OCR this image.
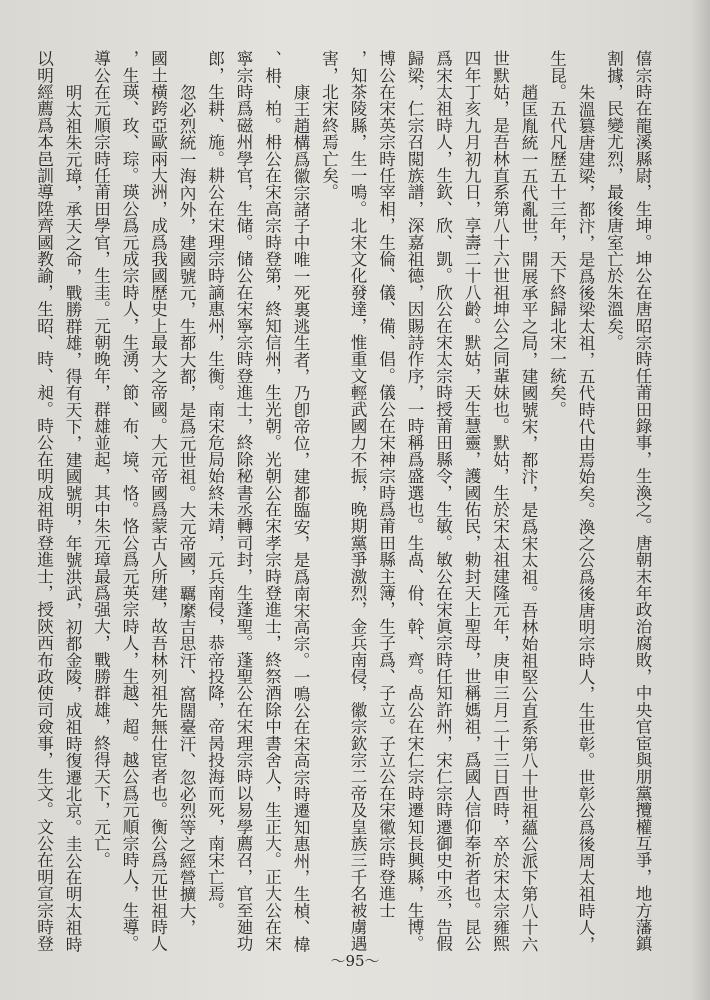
僖宗時在龍溪縣尉，生坤。坤公在唐昭宗時任莆田錄事，生渙之。唐朝末年政治腐敗，中央官宦與朋黨攬權互爭，地方藩鎮
割據，民變尤烈，最後唐室亡於朱溫矣。
朱溫篡唐建梁，都汴，是爲後梁太祖，五代時代由焉始矣。渙之公爲後唐明宗時人，生世彰。世彰公爲後周太祖時人，
生昆。五代凡歷五十三年，天下終歸北宋一統矣。
趙匡胤統一五代亂世，開展承平之局，建國號宋，都汴，是爲宋太祖。吾林始祖堅公直系第八十世祖蘊公派下第八十六
世默姑，是吾林直系第八十六世祖坤公之同輩妹也。默姑，生於宋太祖建隆元年，庚申三月二十三日酉時，卒於宋太宗雍熙
四年丁亥九月初九日，享壽二十八齡。默姑，天生慧靈，護國佑民，勅封天上聖母，世稱媽祖，爲國人信仰奉祈者也。昆公
爲宋太祖時人，生欽、欣、凱。欣公在宋太宗時授莆田縣令，生敏。敏公在宋眞宗時任知許州，宋仁宗時遷御史中丞，告假
歸梁，仁宗召閲族譜，深嘉祖德，因賜詩作序，一時稱爲盛選也。生卨、佾、幹、齊。卨公在宋仁宗時遷知長興縣，生博。
博公在宋英宗時任宰相，生倫、儀、備、倡。儀公在宋神宗時爲莆田縣主簿，生子爲、子立。子立公在宋徽宗時登進士
，知茶陵縣，生一鳴。北宋文化發達，惟重文輕武國力不振，晚期黨爭激烈，金兵南侵，徽宗欽宗二帝及皇族三千名被虜遇
害，北宋終焉亡矣。
康王趙構爲徽宗諸子中唯一死裏逃生者，乃卽帝位，建都臨安，是爲南宋高宗。一鳴公在宋高宗時遷知惠州，生楨、椲
、枏、柏。枏公在宋高宗時登第，終知信州，生光朝。光朝公在宋孝宗時登進士，終祭酒除中書舍人，生正大。正大公在宋
寧宗時爲磁州學官，生储。储公在宋寧宗時登進士，終除秘書丞轉司封，生蓬聖。蓬聖公在宋理宗時以易學薦召，官至廸功
郎，生耕、施。耕公在宋理宗時謫惠州，生衡。南宋危局始終未靖，元兵南侵，恭帝投降，帝昺投海而死，南宋亡焉。
忽必烈統一海內外，建國號元，生都大都，是爲元世祖。大元帝國，覊縻吉思汗、窩闊臺汗、忽必烈等之經營擴大，
國土橫跨亞歐兩大洲，成爲我國歷史上最大之帝國。大元帝國爲蒙古人所建，故吾林列祖先無仕宦者也。衡公爲元世祖時人
，生瑛、玫、琮。瑛公爲元成宗時人，生湧、節、布、境、恪。恪公爲元英宗時人，生越、超。越公爲元順宗時人，生導。
導公在元順宗時任莆田學官，生圭。元朝晚年，群雄並起，其中朱元璋最爲强大，戰勝群雄，終得天下，元亡。
明太祖朱元璋，承天之命，戰勝群雄，得有天下，建國號明，年號洪武，初都金陵，成祖時復遷北京。圭公在明太祖時
以明經薦爲本邑訓導陞齊國教諭，生昭、時、昶。時公在明成祖時登進士，授陝西布政使司僉事，生文。文公在明宣宗時登
～95～
